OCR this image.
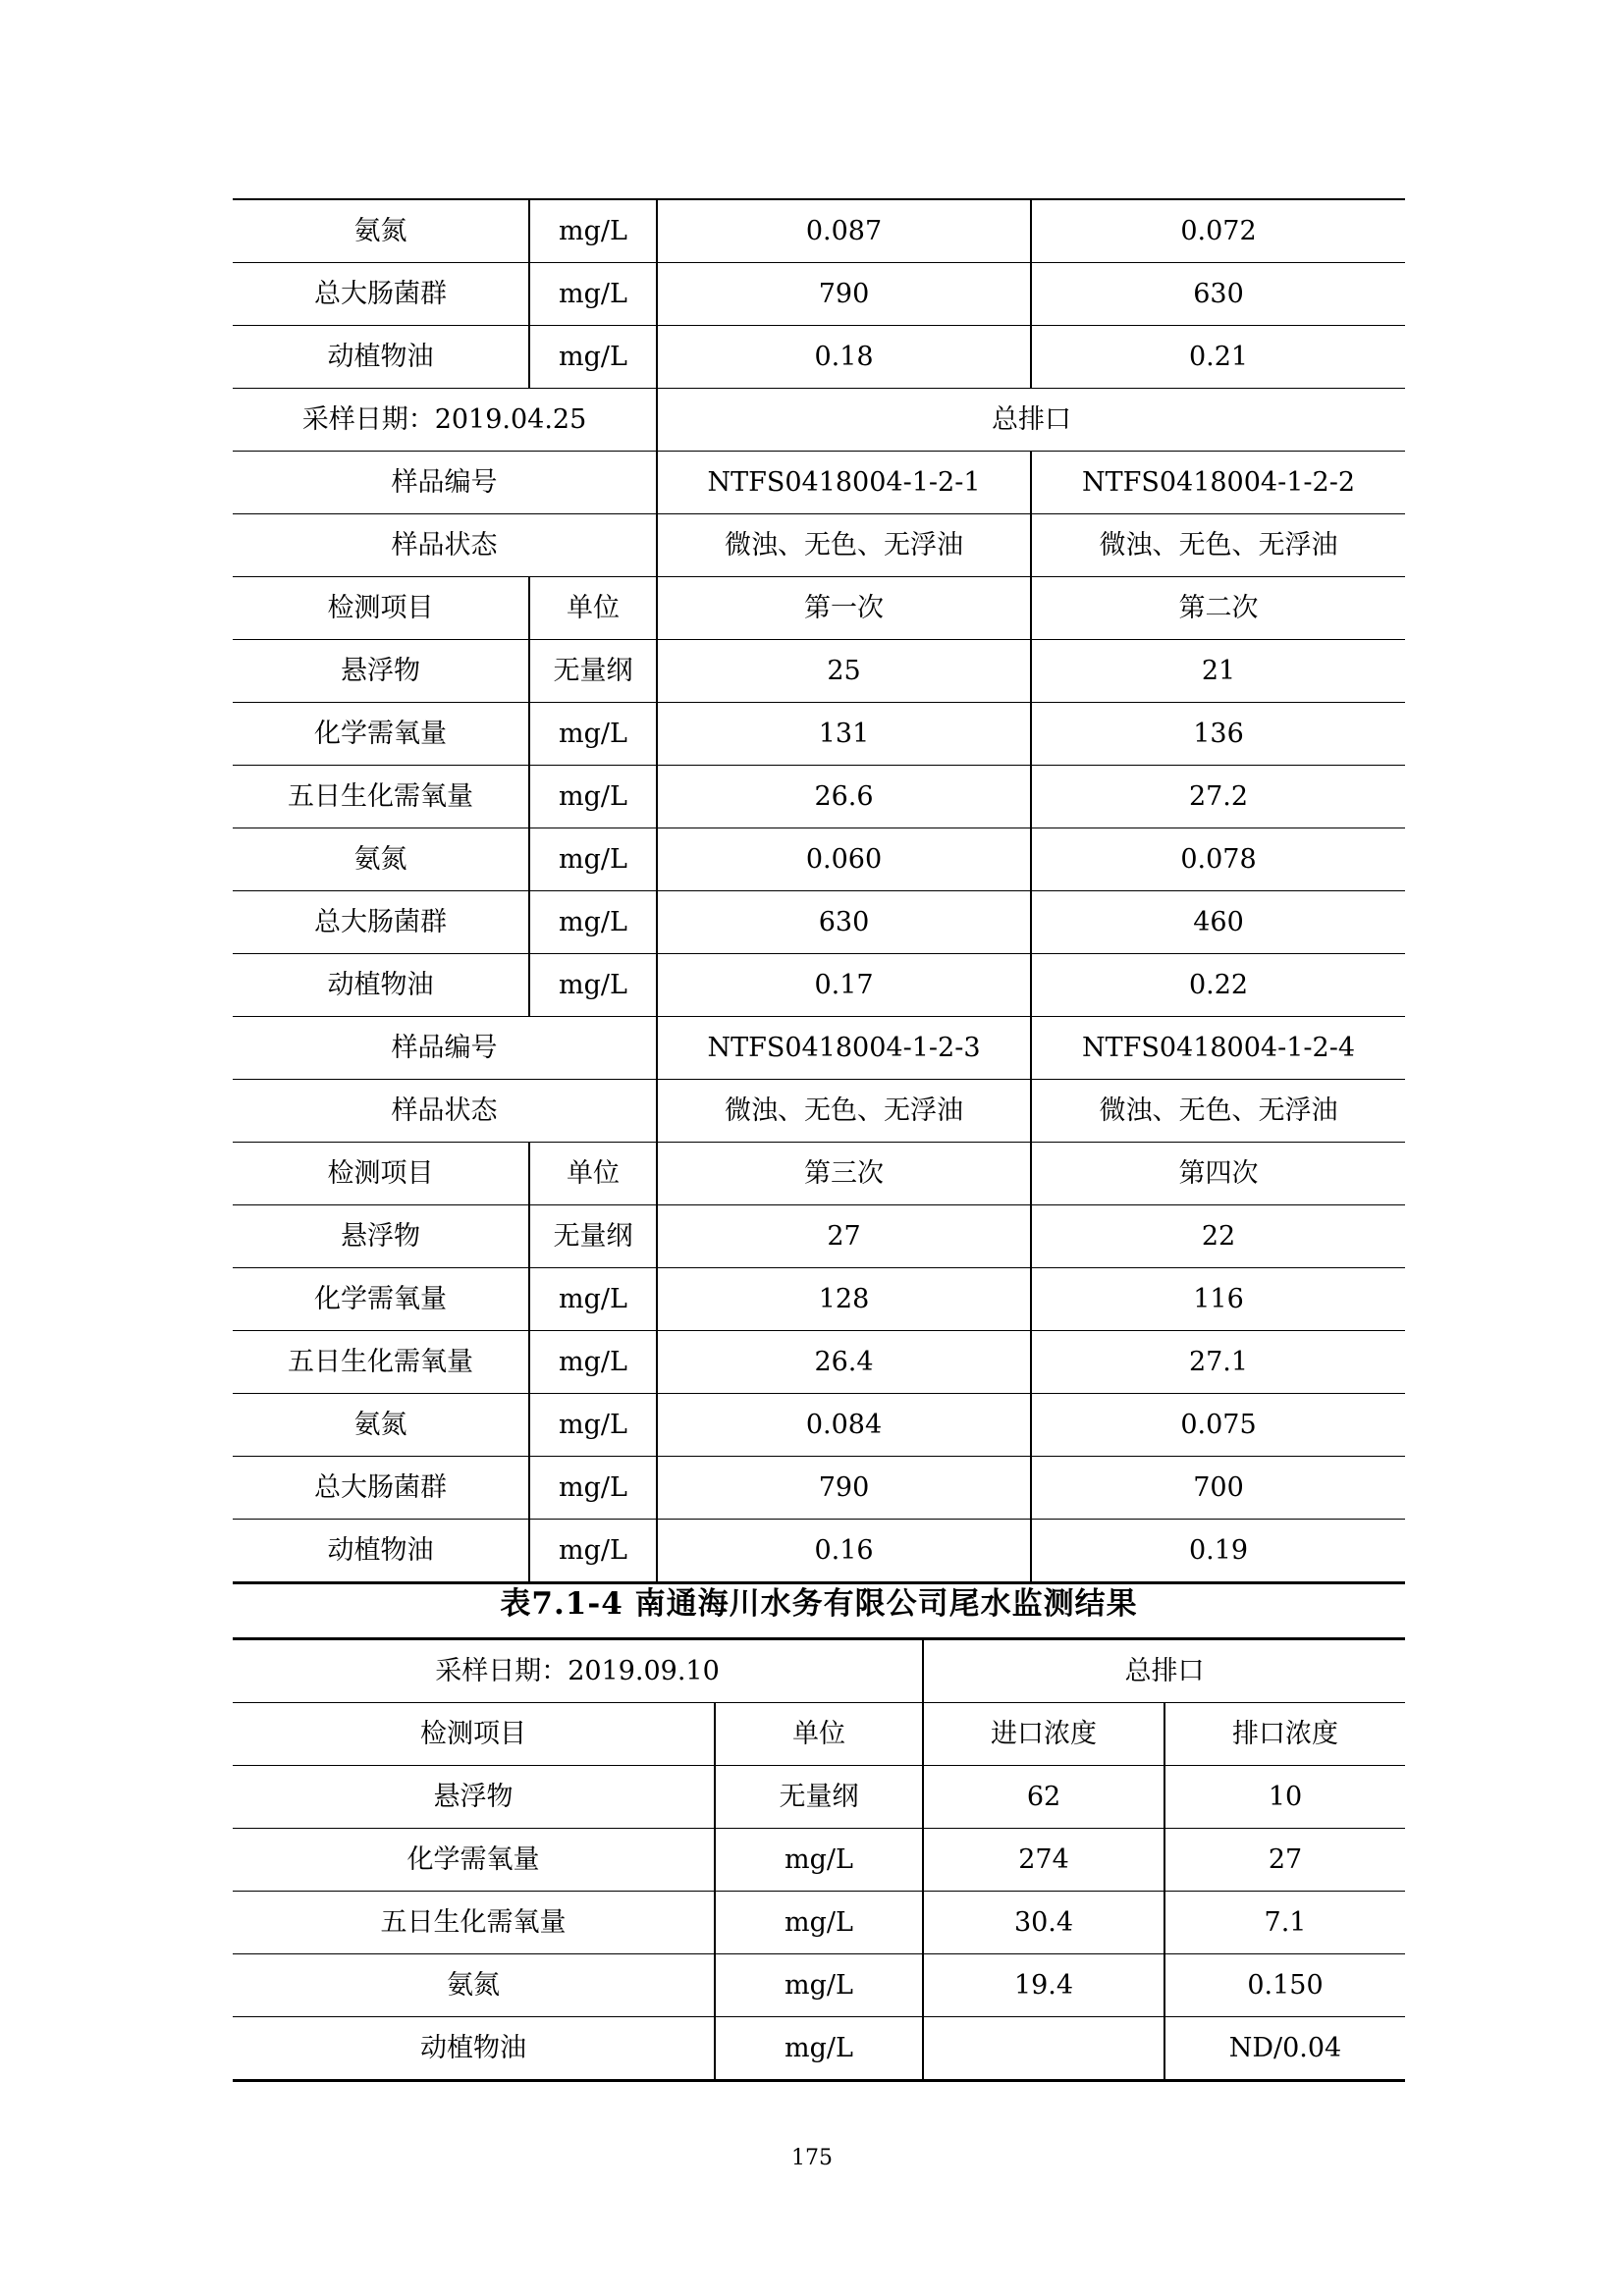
氨氮	mg/L	0.087	0.072
总大肠菌群	mg/L	790	630
动植物油	mg/L	0.18	0.21
采样日期：2019.04.25		总排口	
样品编号		NTFS0418004-1-2-1	NTFS0418004-1-2-2
样品状态		微浊、无色、无浮油	微浊、无色、无浮油
检测项目	单位	第一次	第二次
悬浮物	无量纲	25	21
化学需氧量	mg/L	131	136
五日生化需氧量	mg/L	26.6	27.2
氨氮	mg/L	0.060	0.078
总大肠菌群	mg/L	630	460
动植物油	mg/L	0.17	0.22
样品编号		NTFS0418004-1-2-3	NTFS0418004-1-2-4
样品状态		微浊、无色、无浮油	微浊、无色、无浮油
检测项目	单位	第三次	第四次
悬浮物	无量纲	27	22
化学需氧量	mg/L	128	116
五日生化需氧量	mg/L	26.4	27.1
氨氮	mg/L	0.084	0.075
总大肠菌群	mg/L	790	700
动植物油	mg/L	0.16	0.19
表7.1-4 南通海川水务有限公司尾水监测结果
采样日期：2019.09.10		总排口	
检测项目	单位	进口浓度	排口浓度
悬浮物	无量纲	62	10
化学需氧量	mg/L	274	27
五日生化需氧量	mg/L	30.4	7.1
氨氮	mg/L	19.4	0.150
动植物油	mg/L		ND/0.04
175
